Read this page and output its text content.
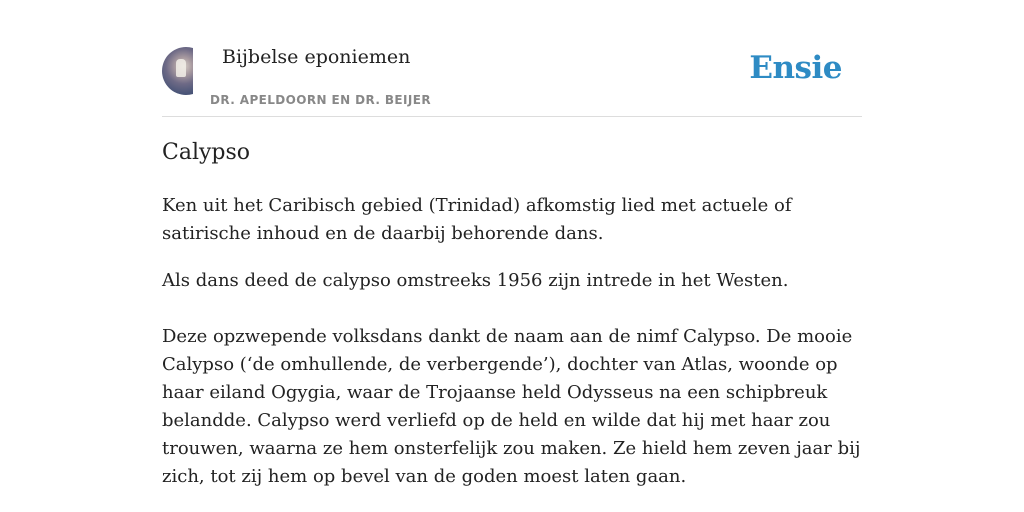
Bijbelse eponiemen
DR. APELDOORN EN DR. BEIJER
Ensie
Calypso

Ken uit het Caribisch gebied (Trinidad) afkomstig lied met actuele of satirische inhoud en de daarbij behorende dans.

Als dans deed de calypso omstreeks 1956 zijn intrede in het Westen.

Deze opzwepende volksdans dankt de naam aan de nimf Calypso. De mooie Calypso (‘de omhullende, de verbergende’), dochter van Atlas, woonde op haar eiland Ogygia, waar de Trojaanse held Odysseus na een schipbreuk belandde. Calypso werd verliefd op de held en wilde dat hij met haar zou trouwen, waarna ze hem onsterfelijk zou maken. Ze hield hem zeven jaar bij zich, tot zij hem op bevel van de goden moest laten gaan.
